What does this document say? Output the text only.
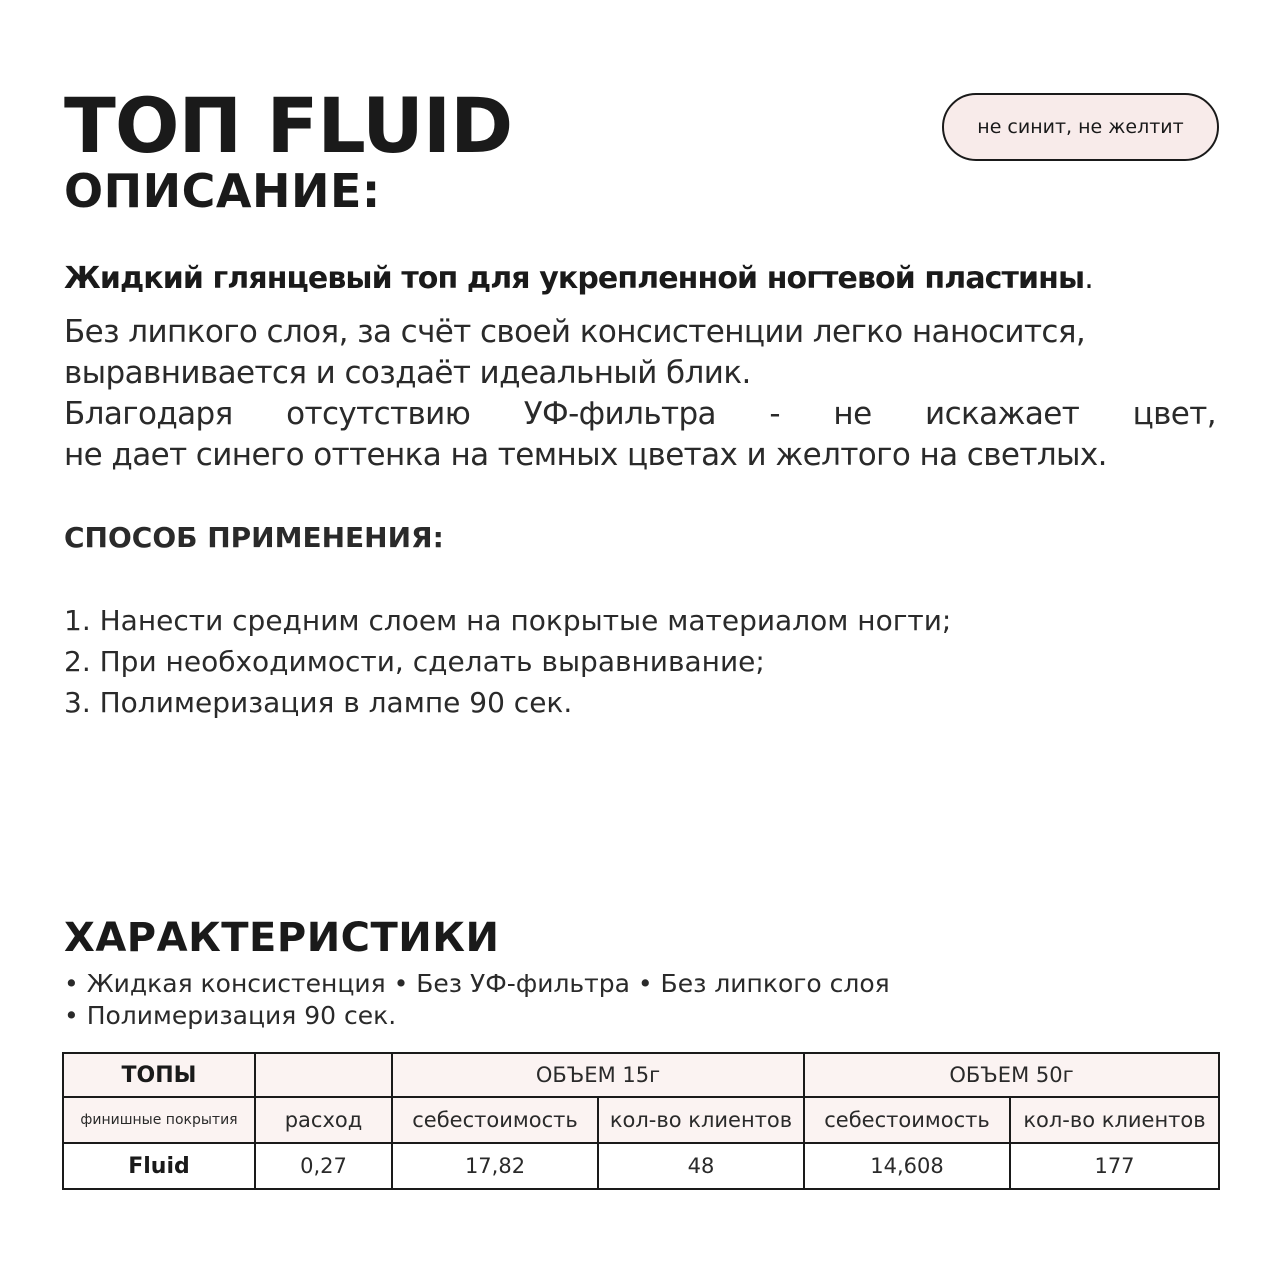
ТОП FLUID
ОПИСАНИЕ:
не синит, не желтит

Жидкий глянцевый топ для укрепленной ногтевой пластины.

Без липкого слоя, за счёт своей консистенции легко наносится,
выравнивается и создаёт идеальный блик.
Благодаря отсутствию УФ-фильтра - не искажает цвет,
не дает синего оттенка на темных цветах и желтого на светлых.
СПОСОБ ПРИМЕНЕНИЯ:
1. Нанести средним слоем на покрытые материалом ногти;
2. При необходимости, сделать выравнивание;
3. Полимеризация в лампе 90 сек.
ХАРАКТЕРИСТИКИ
• Жидкая консистенция • Без УФ-фильтра • Без липкого слоя
• Полимеризация 90 сек.
ТОПЫ		ОБЪЕМ 15г		ОБЪЕМ 50г	
финишные покрытия	расход	себестоимость	кол-во клиентов	себестоимость	кол-во клиентов
Fluid	0,27	17,82	48	14,608	177
